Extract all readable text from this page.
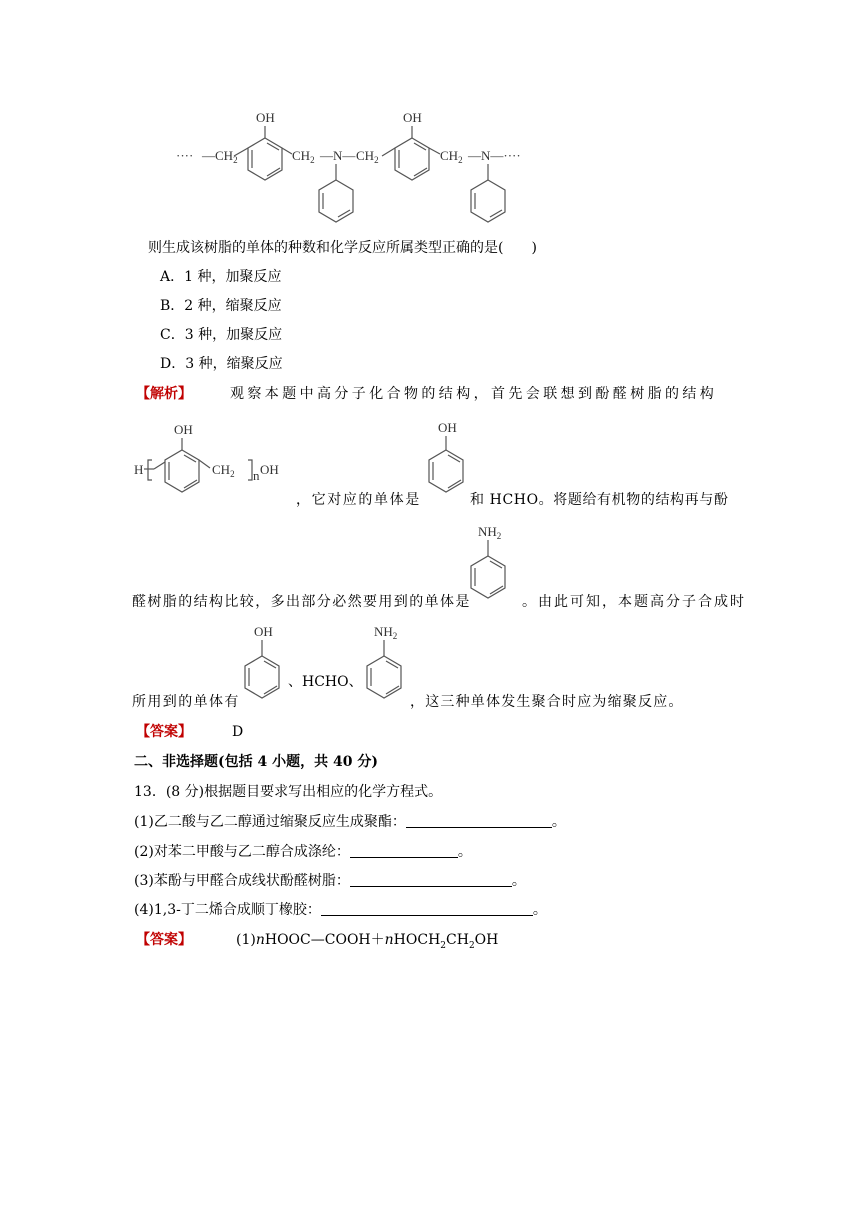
···· $—CH_2$
OH
$CH_2$ —N— $CH_2$
OH
$CH_2$ —N—····
则生成该树脂的单体的种数和化学反应所属类型正确的是(　　)
A．1 种，加聚反应
B．2 种，缩聚反应
C．3 种，加聚反应
D．3 种，缩聚反应
【解析】	观察本题中高分子化合物的结构，首先会联想到酚醛树脂的结构
OH
H	$CH_2$ n OH
，它对应的单体是
OH
和 HCHO。将题给有机物的结构再与酚
$NH_2$
醛树脂的结构比较，多出部分必然要用到的单体是	。由此可知，本题高分子合成时
OH
、HCHO、
$NH_2$
所用到的单体有	，这三种单体发生聚合时应为缩聚反应。
【答案】	D
二、非选择题(包括 4 小题，共 40 分)
13．(8 分)根据题目要求写出相应的化学方程式。
(1)乙二酸与乙二醇通过缩聚反应生成聚酯：	。
(2)对苯二甲酸与乙二醇合成涤纶：	。
(3)苯酚与甲醛合成线状酚醛树脂：	。
(4)1,3-丁二烯合成顺丁橡胶：	。
【答案】	$(1)nHOOC—COOH+nHOCH_2CH_2OH$
